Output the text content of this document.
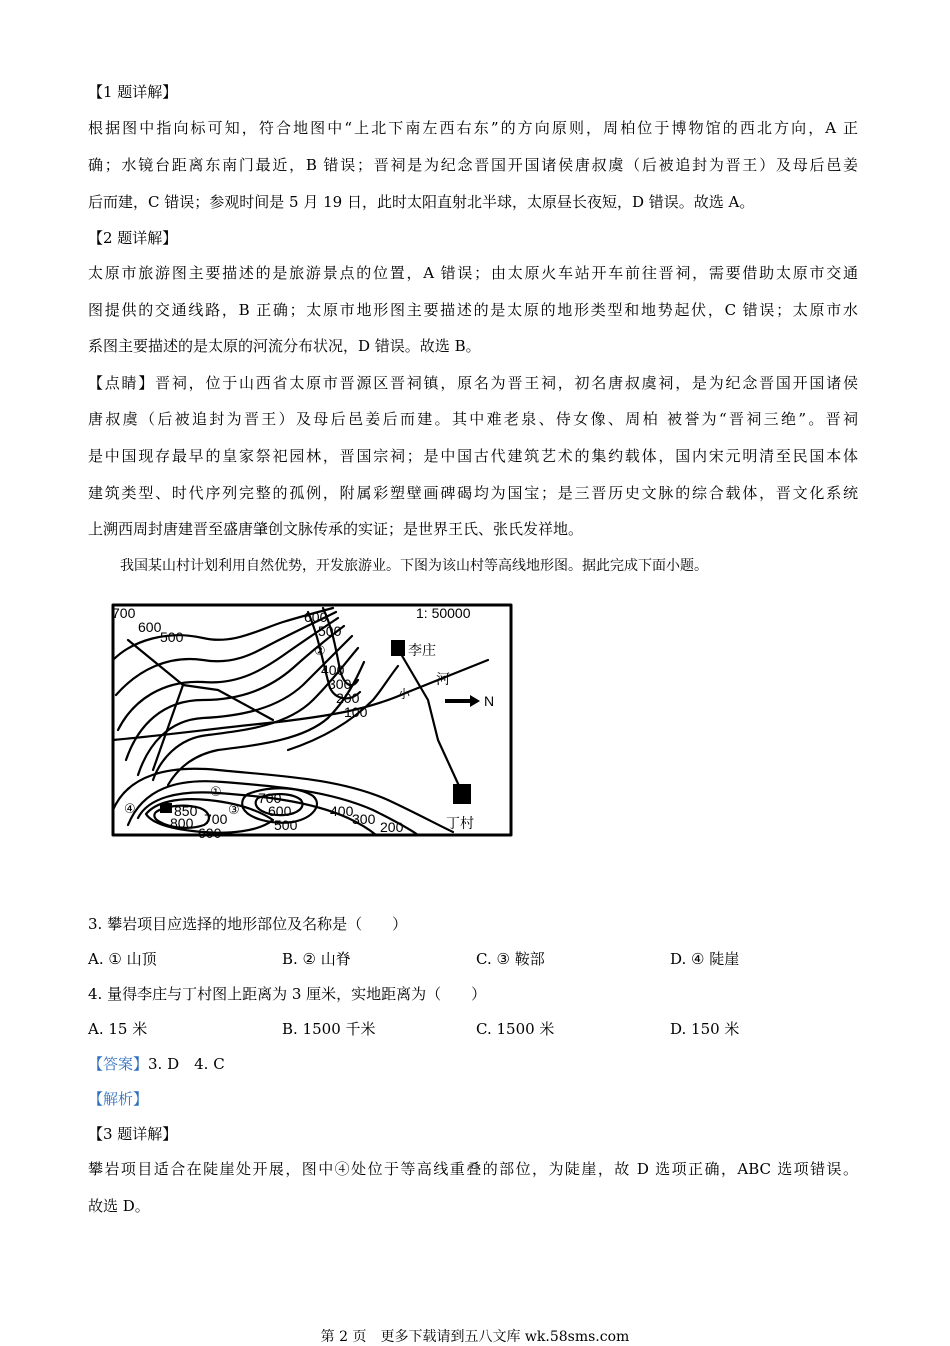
【1 题详解】
根据图中指向标可知，符合地图中“上北下南左西右东”的方向原则，周柏位于博物馆的西北方向，A 正
确；水镜台距离东南门最近，B 错误；晋祠是为纪念晋国开国诸侯唐叔虞（后被追封为晋王）及母后邑姜
后而建，C 错误；参观时间是 5 月 19 日，此时太阳直射北半球，太原昼长夜短，D 错误。故选 A。
【2 题详解】
太原市旅游图主要描述的是旅游景点的位置，A 错误；由太原火车站开车前往晋祠，需要借助太原市交通
图提供的交通线路，B 正确；太原市地形图主要描述的是太原的地形类型和地势起伏，C 错误；太原市水
系图主要描述的是太原的河流分布状况，D 错误。故选 B。
【点睛】晋祠，位于山西省太原市晋源区晋祠镇，原名为晋王祠，初名唐叔虞祠，是为纪念晋国开国诸侯
唐叔虞（后被追封为晋王）及母后邑姜后而建。其中难老泉、侍女像、周柏 被誉为“晋祠三绝”。晋祠
是中国现存最早的皇家祭祀园林，晋国宗祠；是中国古代建筑艺术的集约载体，国内宋元明清至民国本体
建筑类型、时代序列完整的孤例，附属彩塑壁画碑碣均为国宝；是三晋历史文脉的综合载体，晋文化系统
上溯西周封唐建晋至盛唐肇创文脉传承的实证；是世界王氏、张氏发祥地。
我国某山村计划利用自然优势，开发旅游业。下图为该山村等高线地形图。据此完成下面小题。
1: 50000
李庄
河
小	N
丁村
②
①
③
④
700
600
500
600
500
400
300
200
100
850
800 700
600
700
600
500
400
300 200
3. 攀岩项目应选择的地形部位及名称是（　　）
A. ① 山顶	B. ② 山脊	C. ③ 鞍部	D. ④ 陡崖
4. 量得李庄与丁村图上距离为 3 厘米，实地距离为（　　）
A. 15 米	B. 1500 千米	C. 1500 米	D. 150 米
【答案】3. D　4. C
【解析】
【3 题详解】
攀岩项目适合在陡崖处开展，图中④处位于等高线重叠的部位，为陡崖，故 D 选项正确，ABC 选项错误。
故选 D。
第 2 页　更多下载请到五八文库 wk.58sms.com
